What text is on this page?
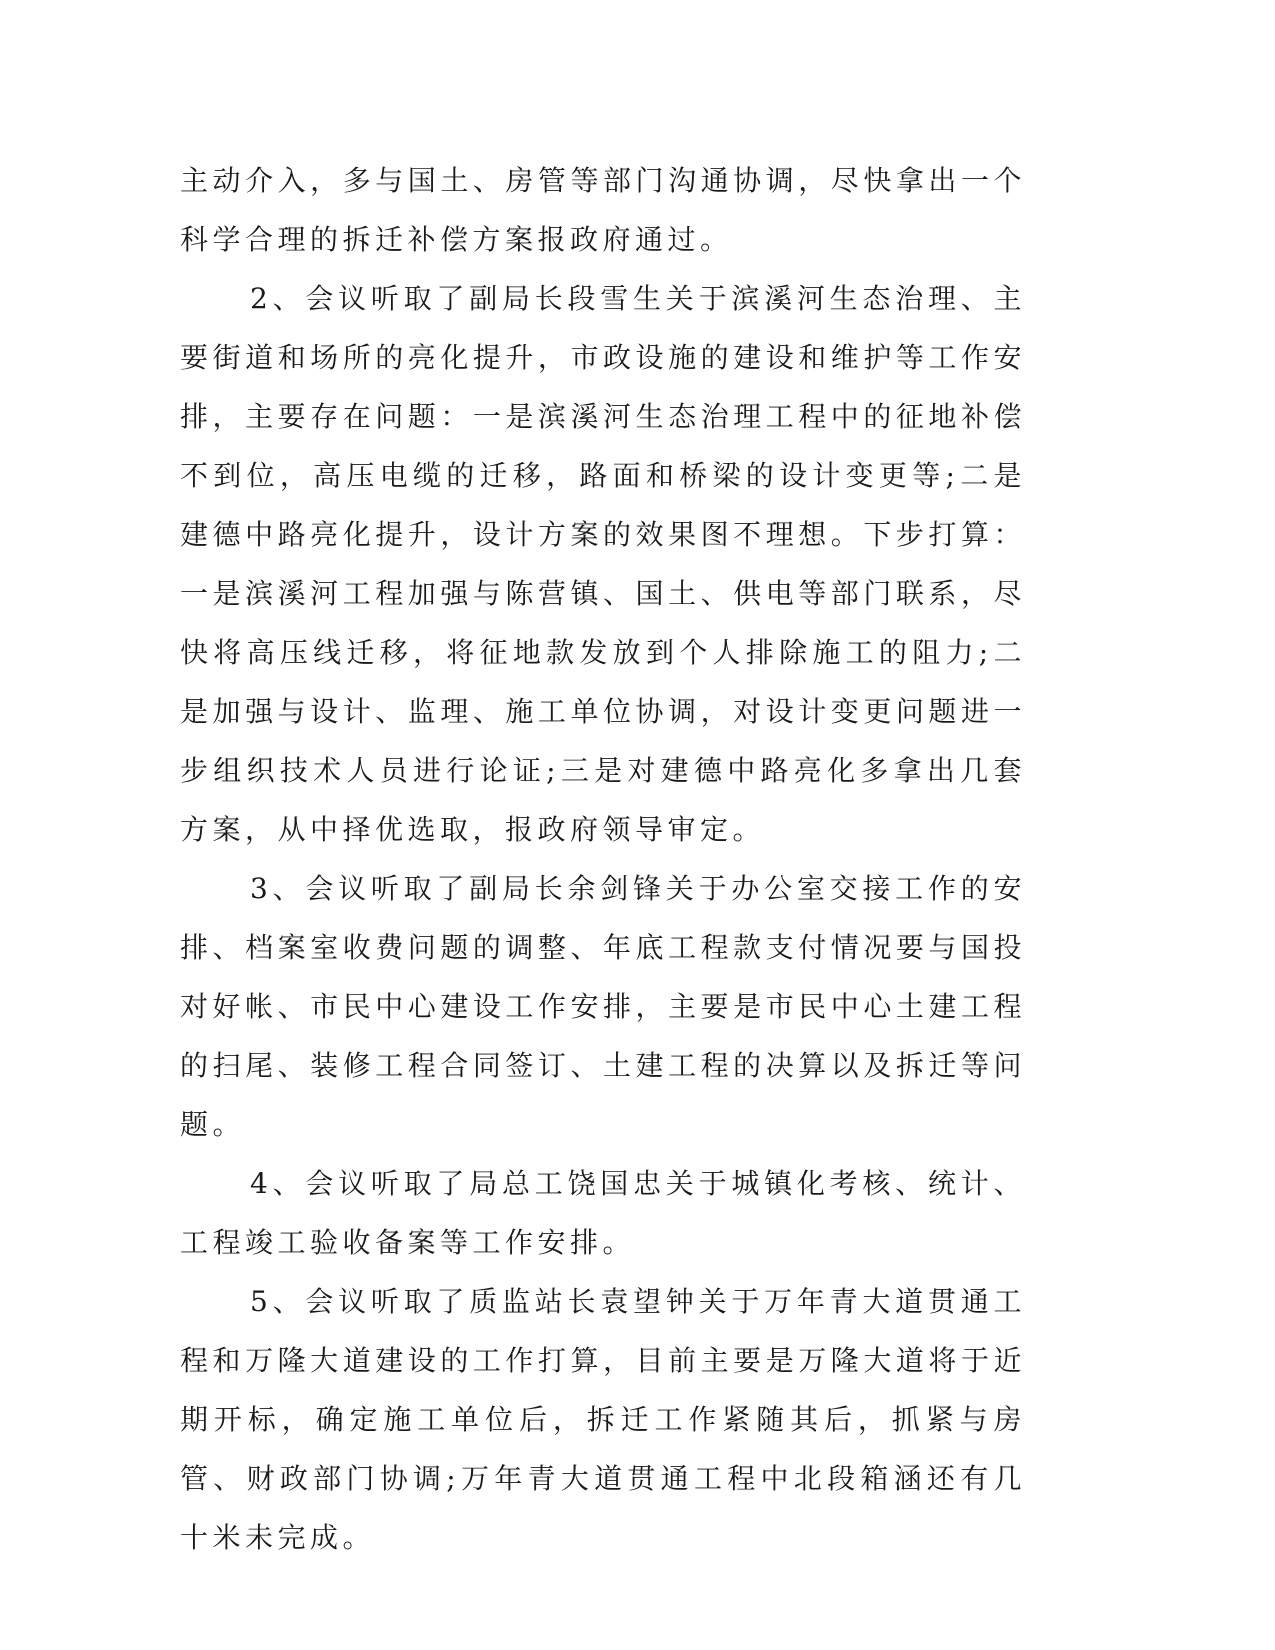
主动介入，多与国土、房管等部门沟通协调，尽快拿出一个科学合理的拆迁补偿方案报政府通过。

2、会议听取了副局长段雪生关于滨溪河生态治理、主要街道和场所的亮化提升，市政设施的建设和维护等工作安排，主要存在问题：一是滨溪河生态治理工程中的征地补偿不到位，高压电缆的迁移，路面和桥梁的设计变更等;二是建德中路亮化提升，设计方案的效果图不理想。下步打算：一是滨溪河工程加强与陈营镇、国土、供电等部门联系，尽快将高压线迁移，将征地款发放到个人排除施工的阻力;二是加强与设计、监理、施工单位协调，对设计变更问题进一步组织技术人员进行论证;三是对建德中路亮化多拿出几套方案，从中择优选取，报政府领导审定。

3、会议听取了副局长余剑锋关于办公室交接工作的安排、档案室收费问题的调整、年底工程款支付情况要与国投对好帐、市民中心建设工作安排，主要是市民中心土建工程的扫尾、装修工程合同签订、土建工程的决算以及拆迁等问题。

4、会议听取了局总工饶国忠关于城镇化考核、统计、工程竣工验收备案等工作安排。

5、会议听取了质监站长袁望钟关于万年青大道贯通工程和万隆大道建设的工作打算，目前主要是万隆大道将于近期开标，确定施工单位后，拆迁工作紧随其后，抓紧与房管、财政部门协调;万年青大道贯通工程中北段箱涵还有几十米未完成。
